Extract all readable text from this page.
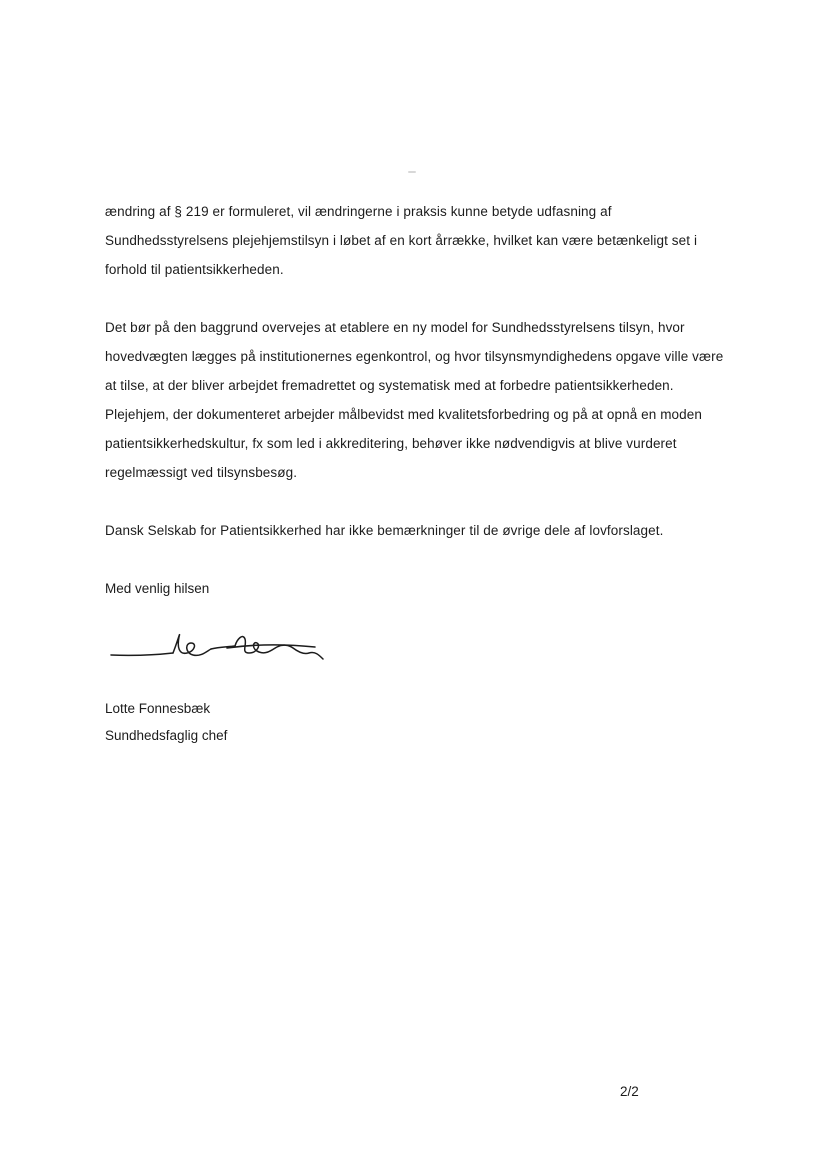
ændring af § 219 er formuleret, vil ændringerne i praksis kunne betyde udfasning af Sundhedsstyrelsens plejehjemstilsyn i løbet af en kort årrække, hvilket kan være betænkeligt set i forhold til patientsikkerheden.

Det bør på den baggrund overvejes at etablere en ny model for Sundhedsstyrelsens tilsyn, hvor hovedvægten lægges på institutionernes egenkontrol, og hvor tilsynsmyndighedens opgave ville være at tilse, at der bliver arbejdet fremadrettet og systematisk med at forbedre patientsikkerheden. Plejehjem, der dokumenteret arbejder målbevidst med kvalitetsforbedring og på at opnå en moden patientsikkerhedskultur, fx som led i akkreditering, behøver ikke nødvendigvis at blive vurderet regelmæssigt ved tilsynsbesøg.

Dansk Selskab for Patientsikkerhed har ikke bemærkninger til de øvrige dele af lovforslaget.

Med venlig hilsen

Lotte Fonnesbæk

Sundhedsfaglig chef

2/2
